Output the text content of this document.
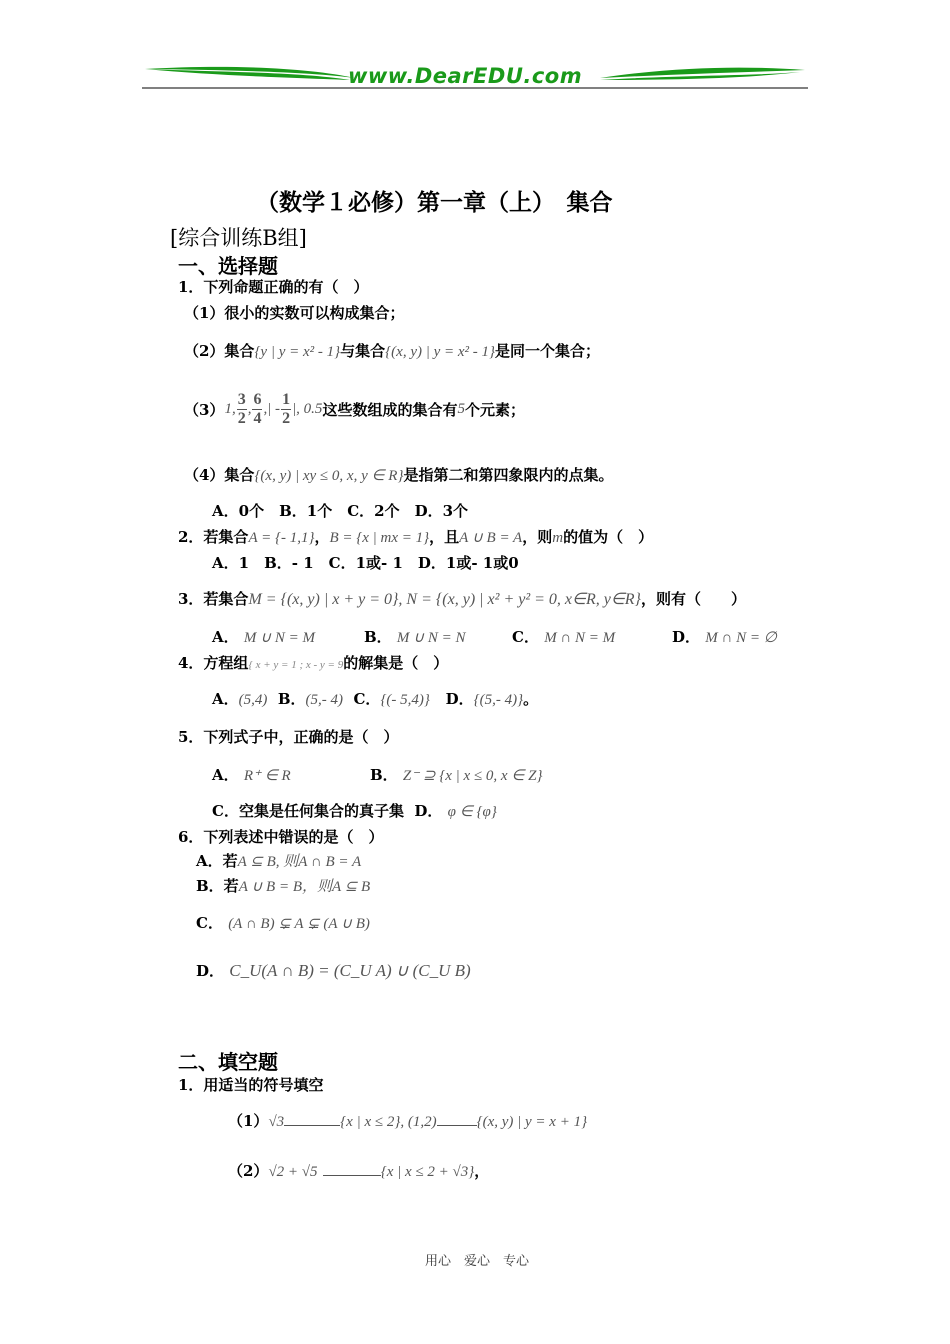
www.DearEDU.com
（数学１必修）第一章（上）　集合
[综合训练B组]
一、选择题
1．下列命题正确的有（　）
（1）很小的实数可以构成集合；
（2）集合{y | y = x² - 1}与集合{(x, y) | y = x² - 1}是同一个集合；
（3） 1, $\frac{3}{2}$ , $\frac{6}{4}$ , | - $\frac{1}{2}$ |, 0.5 这些数组成的集合有 5 个元素；
（4）集合{(x, y) | xy ≤ 0, x, y ∈ R}是指第二和第四象限内的点集。
A．0个　B．1个　C．2个　D．3个
2．若集合A = {- 1,1}，B = {x | mx = 1}，且A ∪ B = A，则m的值为（　）
A．1　B．- 1　C．1或- 1　D．1或- 1或0
3．若集合M = {(x, y) | x + y = 0}, N = {(x, y) | x² + y² = 0, x∈R, y∈R}，则有（　　）
A． M ∪ N = M	B． M ∪ N = N	C． M ∩ N = M	D． M ∩ N = ∅
4．方程组{ x + y = 1 ; x - y = 9的解集是（　）
A．(5,4) B．(5,- 4) C．{(- 5,4)} D．{(5,- 4)}。
5．下列式子中，正确的是（　）
A． R⁺ ∈ R	B． Z⁻ ⊇ {x | x ≤ 0, x ∈ Z}
C．空集是任何集合的真子集 D． φ ∈ {φ}
6．下列表述中错误的是（　）
A．若A ⊆ B, 则A ∩ B = A
B．若A ∪ B = B，则A ⊆ B
C． (A ∩ B) ⊊ A ⊊ (A ∪ B)
D． C_U(A ∩ B) = (C_U A) ∪ (C_U B)
二、填空题
1．用适当的符号填空
（1）√3	{x | x ≤ 2}, (1,2)	{(x, y) | y = x + 1}
（2）√2 + √5	{x | x ≤ 2 + √3}，
用心　爱心　专心
